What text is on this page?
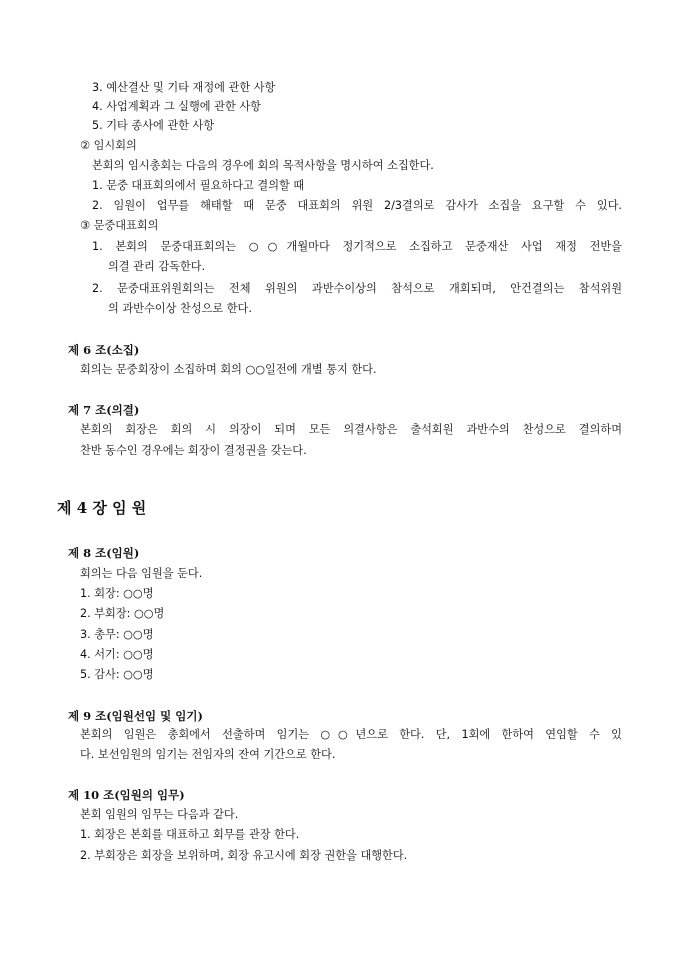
3. 예산결산 및 기타 재정에 관한 사항
4. 사업계획과 그 실행에 관한 사항
5. 기타 종사에 관한 사항
② 임시회의
본회의 임시총회는 다음의 경우에 회의 목적사항을 명시하여 소집한다.
1. 문중 대표회의에서 필요하다고 결의할 때
2. 임원이 업무를 해태할 때 문중 대표회의 위원 2/3결의로 감사가 소집을 요구할 수 있다.
③ 문중대표회의
1. 본회의 문중대표회의는 ○○개월마다 정기적으로 소집하고 문중재산 사업 재정 전반을
의결 관리 감독한다.
2. 문중대표위원회의는 전체 위원의 과반수이상의 참석으로 개회되며, 안건결의는 참석위원
의 과반수이상 찬성으로 한다.
제 6 조(소집)
회의는 문중회장이 소집하며 회의 ○○일전에 개별 통지 한다.
제 7 조(의결)
본회의 회장은 회의 시 의장이 되며 모든 의결사항은 출석회원 과반수의 찬성으로 결의하며
찬반 동수인 경우에는 회장이 결정권을 갖는다.
제 4 장 임 원
제 8 조(임원)
회의는 다음 임원을 둔다.
1. 회장: ○○명
2. 부회장: ○○명
3. 총무: ○○명
4. 서기: ○○명
5. 감사: ○○명
제 9 조(임원선임 및 임기)
본회의 임원은 총회에서 선출하며 임기는 ○○년으로 한다. 단, 1회에 한하여 연임할 수 있
다. 보선임원의 임기는 전임자의 잔여 기간으로 한다.
제 10 조(임원의 임무)
본회 임원의 임무는 다음과 같다.
1. 회장은 본회를 대표하고 회무를 관장 한다.
2. 부회장은 회장을 보위하며, 회장 유고시에 회장 권한을 대행한다.
